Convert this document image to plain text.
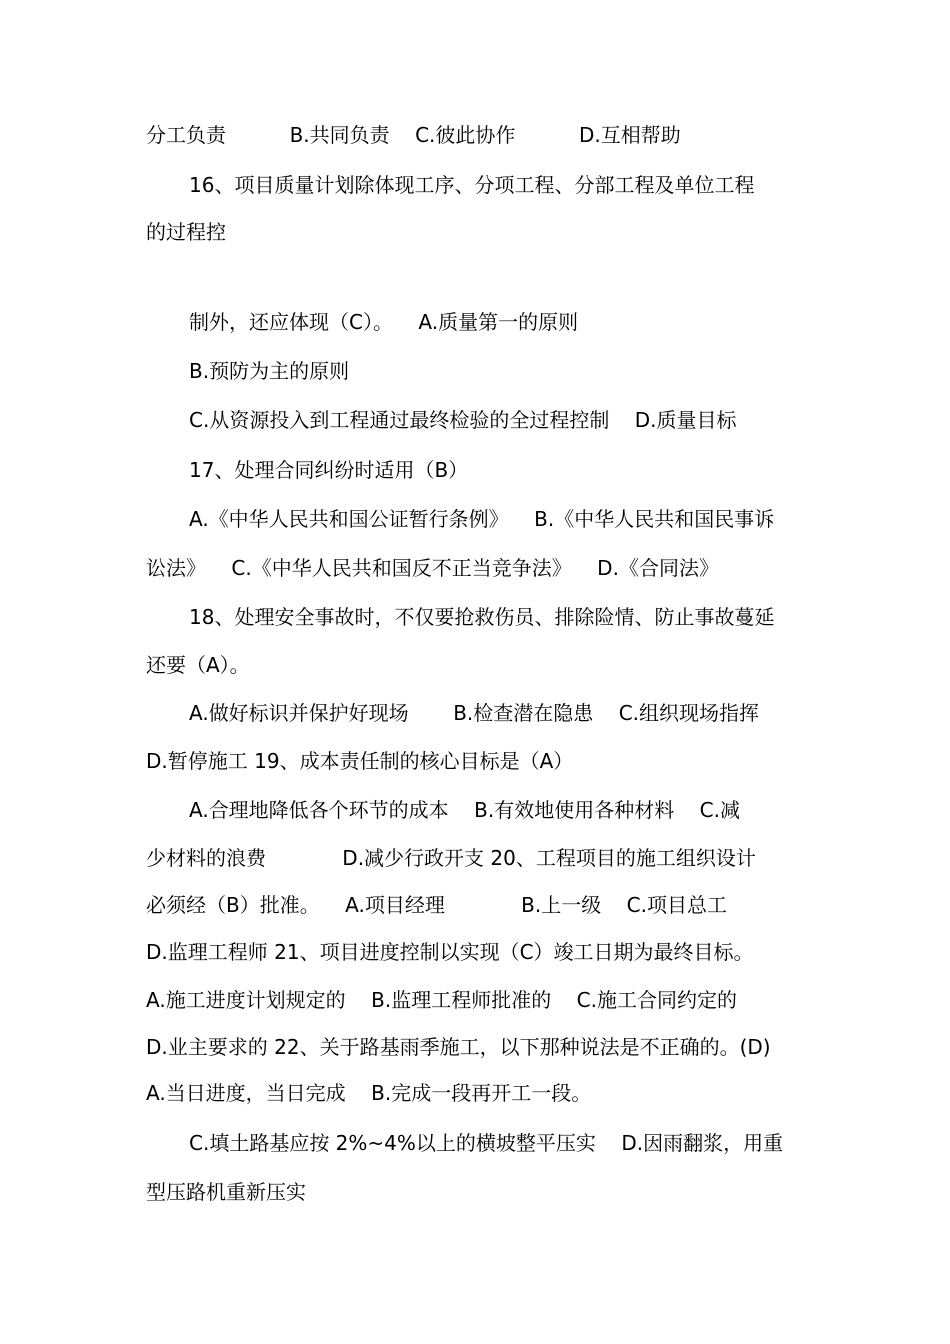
分工负责          B.共同负责    C.彼此协作          D.互相帮助
16、项目质量计划除体现工序、分项工程、分部工程及单位工程
的过程控
制外，还应体现（C）。    A.质量第一的原则
B.预防为主的原则
C.从资源投入到工程通过最终检验的全过程控制    D.质量目标
17、处理合同纠纷时适用（B）
A.《中华人民共和国公证暂行条例》    B.《中华人民共和国民事诉
讼法》    C.《中华人民共和国反不正当竞争法》    D.《合同法》
18、处理安全事故时，不仅要抢救伤员、排除险情、防止事故蔓延
还要（A）。
A.做好标识并保护好现场       B.检查潜在隐患    C.组织现场指挥
D.暂停施工 19、成本责任制的核心目标是（A）
A.合理地降低各个环节的成本    B.有效地使用各种材料    C.减
少材料的浪费            D.减少行政开支 20、工程项目的施工组织设计
必须经（B）批准。    A.项目经理            B.上一级    C.项目总工
D.监理工程师 21、项目进度控制以实现（C）竣工日期为最终目标。
A.施工进度计划规定的    B.监理工程师批准的    C.施工合同约定的
D.业主要求的 22、关于路基雨季施工，以下那种说法是不正确的。(D)
A.当日进度，当日完成    B.完成一段再开工一段。
C.填土路基应按 2%~4%以上的横坡整平压实    D.因雨翻浆，用重
型压路机重新压实
